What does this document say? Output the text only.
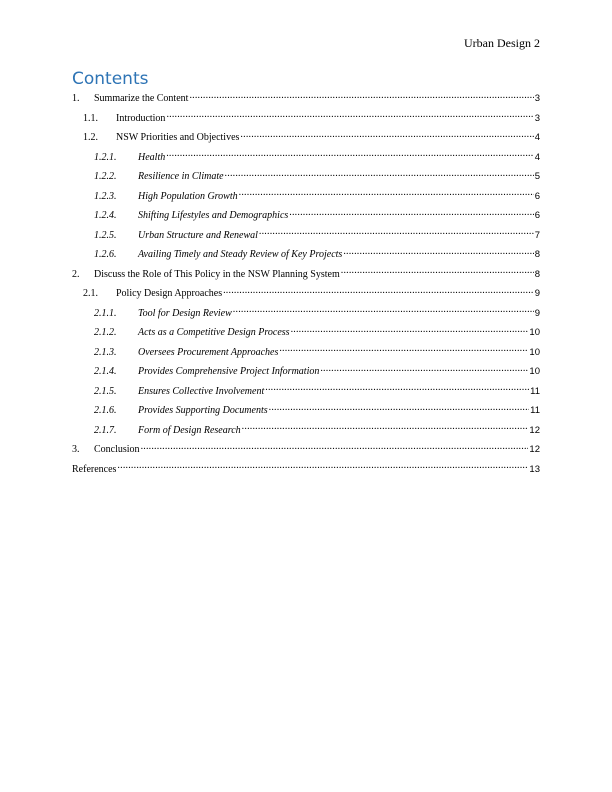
Urban Design 2
Contents
1.	Summarize the Content .....	3
1.1.	Introduction .....	3
1.2.	NSW Priorities and Objectives .....	4
1.2.1.	Health .....	4
1.2.2.	Resilience in Climate .....	5
1.2.3.	High Population Growth .....	6
1.2.4.	Shifting Lifestyles and Demographics .....	6
1.2.5.	Urban Structure and Renewal .....	7
1.2.6.	Availing Timely and Steady Review of Key Projects .....	8
2.	Discuss the Role of This Policy in the NSW Planning System .....	8
2.1.	Policy Design Approaches .....	9
2.1.1.	Tool for Design Review .....	9
2.1.2.	Acts as a Competitive Design Process .....	10
2.1.3.	Oversees Procurement Approaches .....	10
2.1.4.	Provides Comprehensive Project Information .....	10
2.1.5.	Ensures Collective Involvement .....	11
2.1.6.	Provides Supporting Documents .....	11
2.1.7.	Form of Design Research .....	12
3.	Conclusion .....	12
References .....	13
